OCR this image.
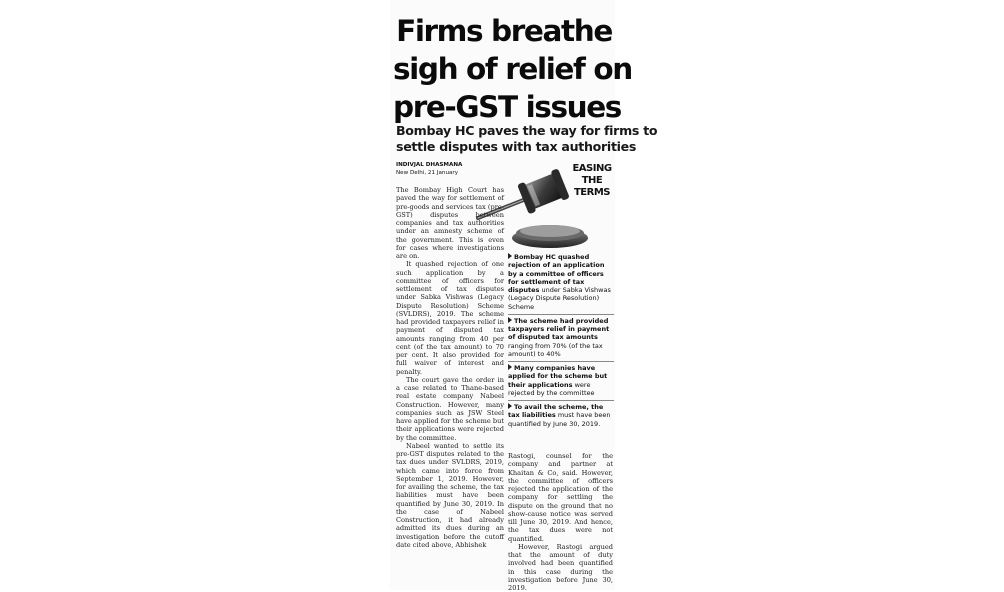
Firms breathe
sigh of relief on
pre-GST issues
Bombay HC paves the way for firms to
settle disputes with tax authorities
INDIVJAL DHASMANA
New Delhi, 21 January	EASING
THE
TERMS
Bombay HC quashed rejection of an application by a committee of officers for settlement of tax disputes under Sabka Vishwas (Legacy Dispute Resolution) Scheme
The scheme had provided taxpayers relief in payment of disputed tax amounts ranging from 70% (of the tax amount) to 40%
Many companies have applied for the scheme but their applications were rejected by the committee
To avail the scheme, the tax liabilities must have been quantified by June 30, 2019.

The Bombay High Court has paved the way for settlement of pre-goods and services tax (pre-GST) disputes between companies and tax authorities under an amnesty scheme of the government. This is even for cases where investigations are on.

It quashed rejection of one such application by a committee of officers for settlement of tax disputes under Sabka Vishwas (Legacy Dispute Resolution) Scheme (SVLDRS), 2019. The scheme had provided taxpayers relief in payment of disputed tax amounts ranging from 40 per cent (of the tax amount) to 70 per cent. It also provided for full waiver of interest and penalty.

The court gave the order in a case related to Thane-based real estate company Nabeel Construction. However, many companies such as JSW Steel have applied for the scheme but their applications were rejected by the committee.

Nabeel wanted to settle its pre-GST disputes related to the tax dues under SVLDRS, 2019, which came into force from September 1, 2019. However, for availing the scheme, the tax liabilities must have been quantified by June 30, 2019. In the case of Nabeel Construction, it had already admitted its dues during an investigation before the cutoff date cited above, Abhishek

Rastogi, counsel for the company and partner at Khaitan & Co, said. However, the committee of officers rejected the application of the company for settling the dispute on the ground that no show-cause notice was served till June 30, 2019. And hence, the tax dues were not quantified.

However, Rastogi argued that the amount of duty involved had been quantified in this case during the investigation before June 30, 2019.
